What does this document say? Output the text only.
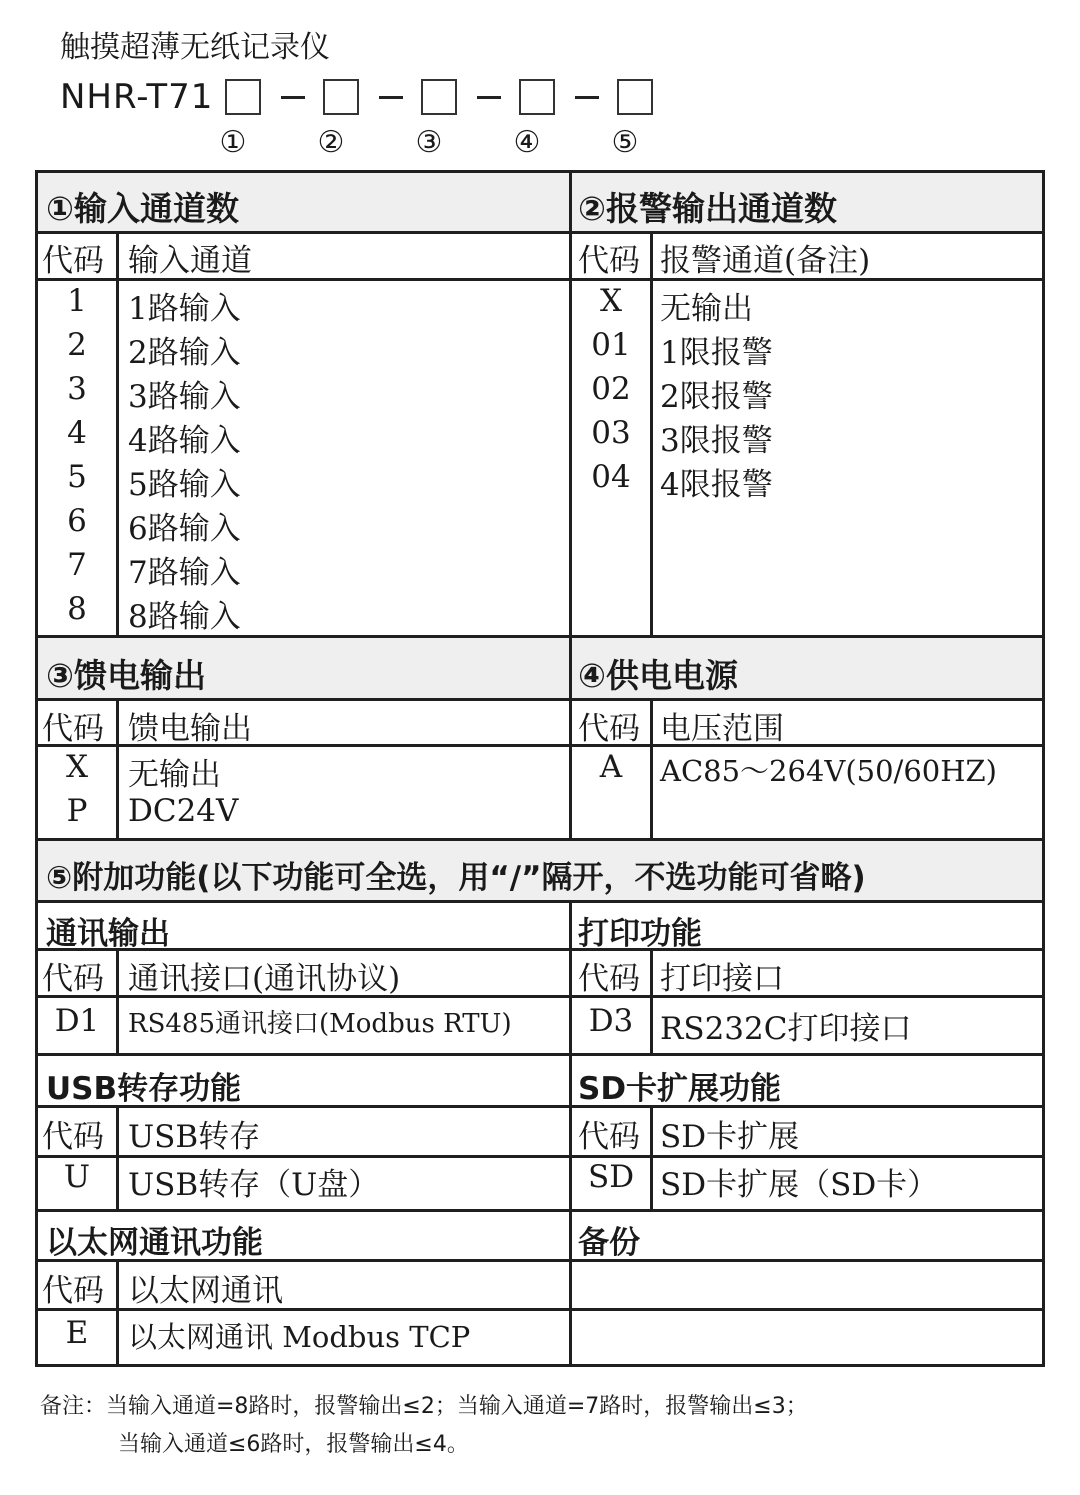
触摸超薄无纸记录仪
NHR-T71
① ② ③ ④ ⑤
①输入通道数
代码 输入通道
1	1路输入
2	2路输入
3	3路输入
4	4路输入
5	5路输入
6	6路输入
7	7路输入
8	8路输入
②报警输出通道数
代码 报警通道(备注)
X	无输出
01 1限报警
02 2限报警
03 3限报警
04 4限报警
③馈电输出
代码 馈电输出
X	无输出
P	DC24V
④供电电源
代码 电压范围
A	AC85～264V(50/60HZ)
⑤附加功能(以下功能可全选，用“/”隔开，不选功能可省略)
通讯输出
代码 通讯接口(通讯协议)
D1	RS485通讯接口(Modbus RTU)
打印功能
代码 打印接口
D3 RS232C打印接口
USB转存功能
代码 USB转存
U	USB转存（U盘）
SD卡扩展功能
代码 SD卡扩展
SD SD卡扩展（SD卡）
以太网通讯功能
代码 以太网通讯
E	以太网通讯 Modbus TCP
备份
备注：当输入通道=8路时，报警输出≤2；当输入通道=7路时，报警输出≤3；
当输入通道≤6路时，报警输出≤4。
